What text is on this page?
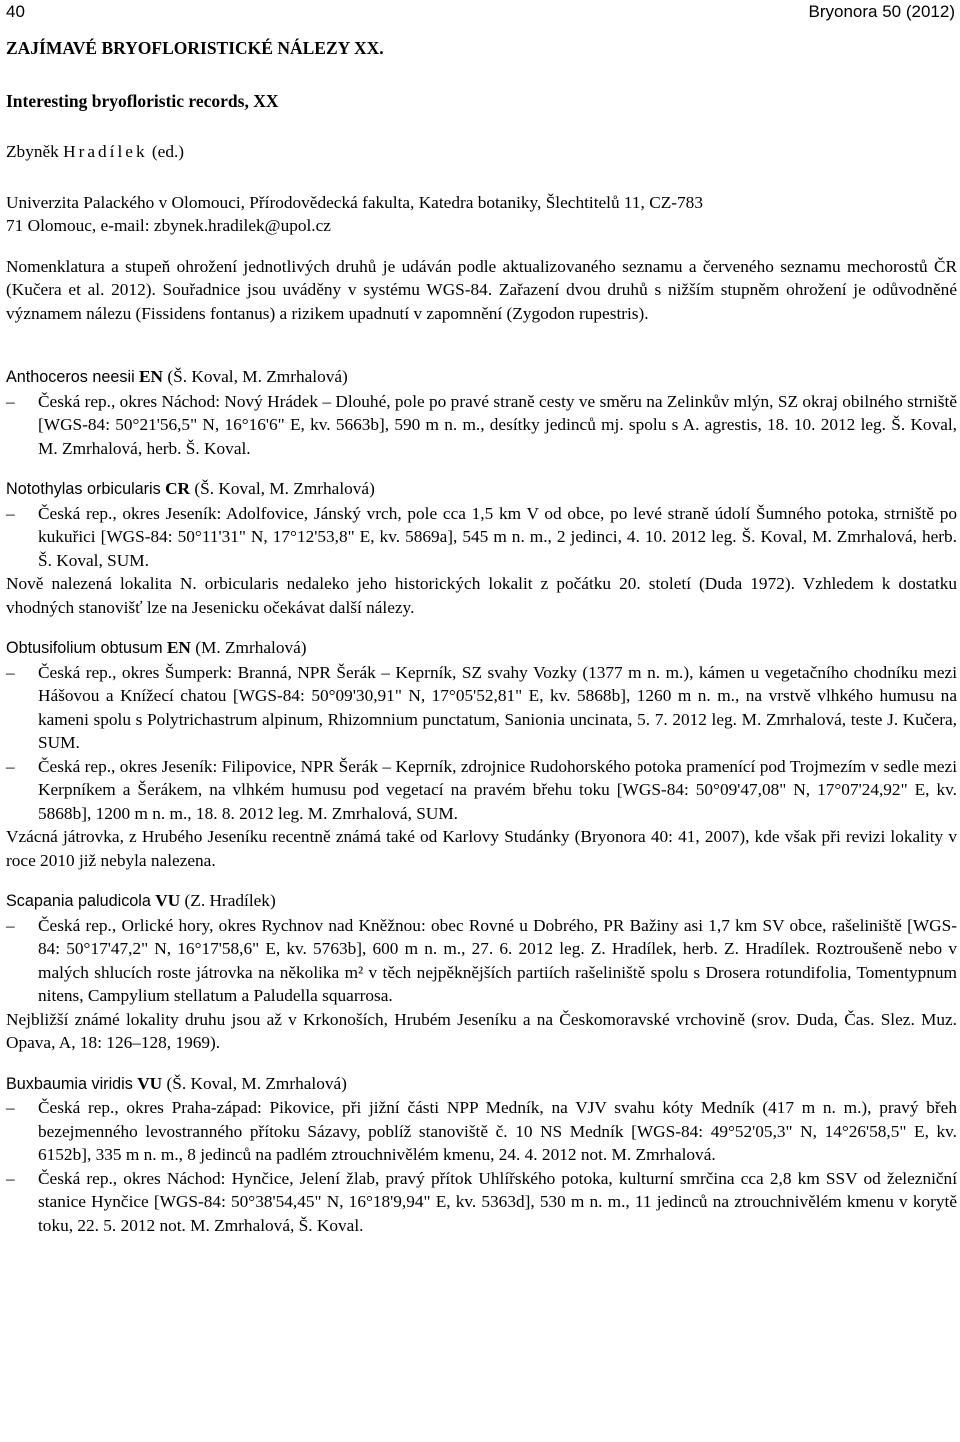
40	Bryonora 50 (2012)
ZAJÍMAVÉ BRYOFLORISTICKÉ NÁLEZY XX.
Interesting bryofloristic records, XX
Zbyněk Hradílek (ed.)
Univerzita Palackého v Olomouci, Přírodovědecká fakulta, Katedra botaniky, Šlechtitelů 11, CZ-783
71 Olomouc, e-mail: zbynek.hradilek@upol.cz
Nomenklatura a stupeň ohrožení jednotlivých druhů je udáván podle aktualizovaného seznamu a červeného seznamu mechorostů ČR (Kučera et al. 2012). Souřadnice jsou uváděny v systému WGS-84. Zařazení dvou druhů s nižším stupněm ohrožení je odůvodněné významem nálezu (Fissidens fontanus) a rizikem upadnutí v zapomnění (Zygodon rupestris).
Anthoceros neesii EN (Š. Koval, M. Zmrhalová)
– Česká rep., okres Náchod: Nový Hrádek – Dlouhé, pole po pravé straně cesty ve směru na Zelinkův mlýn, SZ okraj obilného strniště [WGS-84: 50°21'56,5" N, 16°16'6" E, kv. 5663b], 590 m n. m., desítky jedinců mj. spolu s A. agrestis, 18. 10. 2012 leg. Š. Koval, M. Zmrhalová, herb. Š. Koval.
Notothylas orbicularis CR (Š. Koval, M. Zmrhalová)
– Česká rep., okres Jeseník: Adolfovice, Jánský vrch, pole cca 1,5 km V od obce, po levé straně údolí Šumného potoka, strniště po kukuřici [WGS-84: 50°11'31" N, 17°12'53,8" E, kv. 5869a], 545 m n. m., 2 jedinci, 4. 10. 2012 leg. Š. Koval, M. Zmrhalová, herb. Š. Koval, SUM.
Nově nalezená lokalita N. orbicularis nedaleko jeho historických lokalit z počátku 20. století (Duda 1972). Vzhledem k dostatku vhodných stanovišť lze na Jesenicku očekávat další nálezy.
Obtusifolium obtusum EN (M. Zmrhalová)
– Česká rep., okres Šumperk: Branná, NPR Šerák – Keprník, SZ svahy Vozky (1377 m n. m.), kámen u vegetačního chodníku mezi Hášovou a Knížecí chatou [WGS-84: 50°09'30,91" N, 17°05'52,81" E, kv. 5868b], 1260 m n. m., na vrstvě vlhkého humusu na kameni spolu s Polytrichastrum alpinum, Rhizomnium punctatum, Sanionia uncinata, 5. 7. 2012 leg. M. Zmrhalová, teste J. Kučera, SUM.
– Česká rep., okres Jeseník: Filipovice, NPR Šerák – Keprník, zdrojnice Rudohorského potoka pramenící pod Trojmezím v sedle mezi Kerpníkem a Šerákem, na vlhkém humusu pod vegetací na pravém břehu toku [WGS-84: 50°09'47,08" N, 17°07'24,92" E, kv. 5868b], 1200 m n. m., 18. 8. 2012 leg. M. Zmrhalová, SUM.
Vzácná játrovka, z Hrubého Jeseníku recentně známá také od Karlovy Studánky (Bryonora 40: 41, 2007), kde však při revizi lokality v roce 2010 již nebyla nalezena.
Scapania paludicola VU (Z. Hradílek)
– Česká rep., Orlické hory, okres Rychnov nad Kněžnou: obec Rovné u Dobrého, PR Bažiny asi 1,7 km SV obce, rašeliniště [WGS-84: 50°17'47,2" N, 16°17'58,6" E, kv. 5763b], 600 m n. m., 27. 6. 2012 leg. Z. Hradílek, herb. Z. Hradílek. Roztroušeně nebo v malých shlucích roste játrovka na několika m² v těch nejpěknějších partiích rašeliniště spolu s Drosera rotundifolia, Tomentypnum nitens, Campylium stellatum a Paludella squarrosa.
Nejbližší známé lokality druhu jsou až v Krkonoších, Hrubém Jeseníku a na Českomoravské vrchovině (srov. Duda, Čas. Slez. Muz. Opava, A, 18: 126–128, 1969).
Buxbaumia viridis VU (Š. Koval, M. Zmrhalová)
– Česká rep., okres Praha-západ: Pikovice, při jižní části NPP Medník, na VJV svahu kóty Medník (417 m n. m.), pravý břeh bezejmenného levostranného přítoku Sázavy, poblíž stanoviště č. 10 NS Medník [WGS-84: 49°52'05,3" N, 14°26'58,5" E, kv. 6152b], 335 m n. m., 8 jedinců na padlém ztrouchnivělém kmenu, 24. 4. 2012 not. M. Zmrhalová.
– Česká rep., okres Náchod: Hynčice, Jelení žlab, pravý přítok Uhlířského potoka, kulturní smrčina cca 2,8 km SSV od železniční stanice Hynčice [WGS-84: 50°38'54,45" N, 16°18'9,94" E, kv. 5363d], 530 m n. m., 11 jedinců na ztrouchnivělém kmenu v korytě toku, 22. 5. 2012 not. M. Zmrhalová, Š. Koval.
